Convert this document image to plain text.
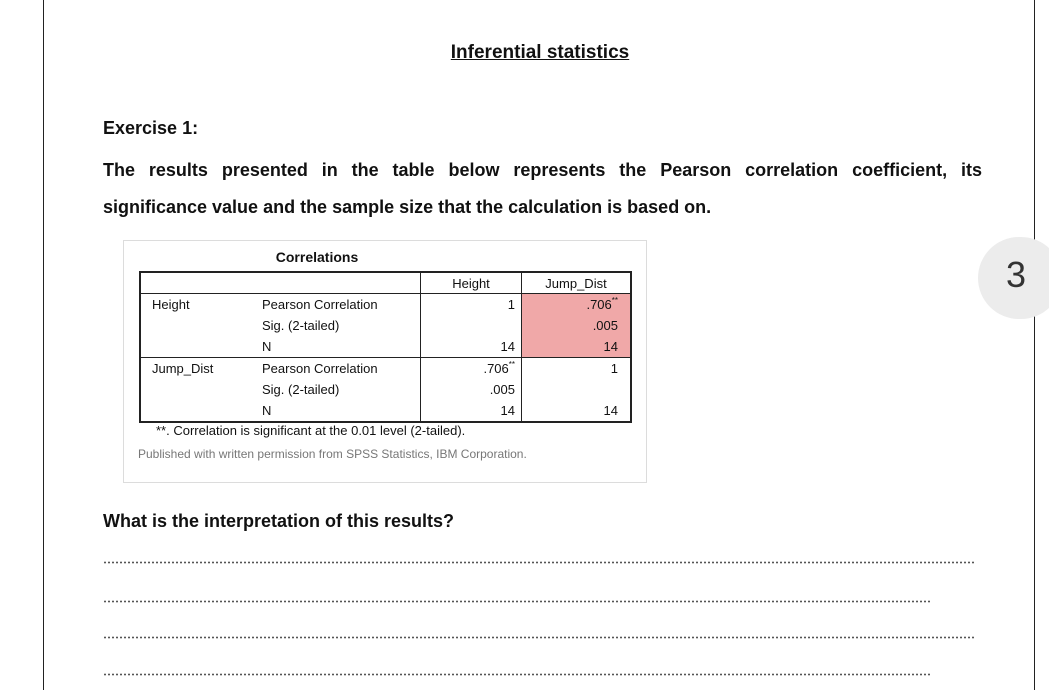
Inferential statistics
Exercise 1:
The results presented in the table below represents the Pearson correlation coefficient, its significance value and the sample size that the calculation is based on.
Correlations
		Height	Jump_Dist
Height	Pearson Correlation	1	.706**
	Sig. (2-tailed)		.005
	N	14	14
Jump_Dist	Pearson Correlation	.706**	1
	Sig. (2-tailed)	.005	
	N	14	14
**. Correlation is significant at the 0.01 level (2-tailed).
Published with written permission from SPSS Statistics, IBM Corporation.
What is the interpretation of this results?
3
